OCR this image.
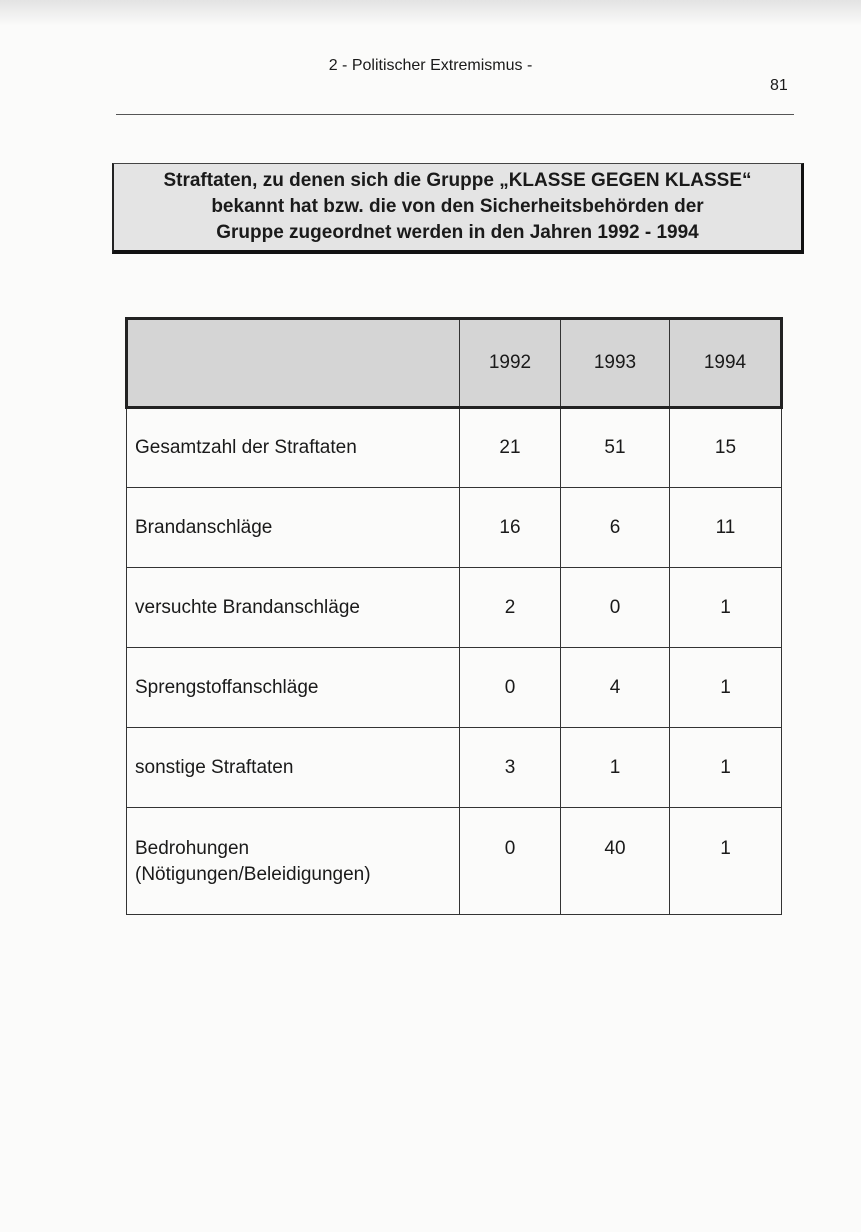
2 - Politischer Extremismus -
81

Straftaten, zu denen sich die Gruppe „KLASSE GEGEN KLASSE“
bekannt hat bzw. die von den Sicherheitsbehörden der
Gruppe zugeordnet werden in den Jahren 1992 - 1994

	1992	1993	1994
Gesamtzahl der Straftaten	21	51	15
Brandanschläge	16	6	11
versuchte Brandanschläge	2	0	1
Sprengstoffanschläge	0	4	1
sonstige Straftaten	3	1	1

Bedrohungen
(Nötigungen/Beleidigungen)	0	40	1
